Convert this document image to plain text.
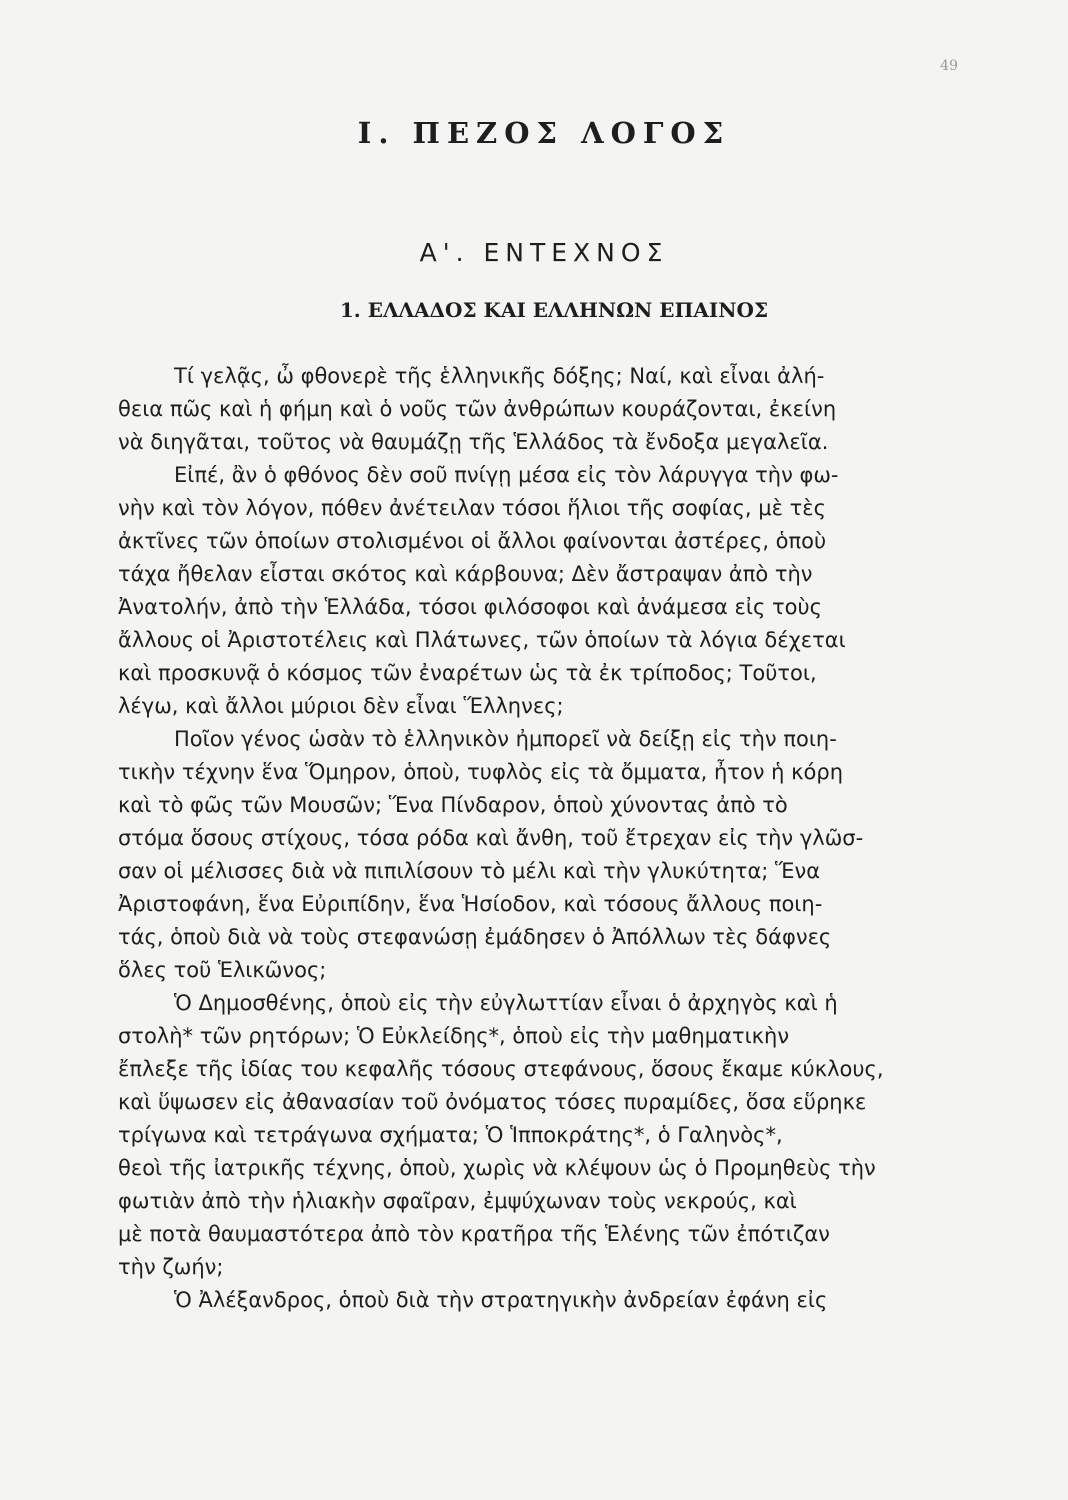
49
I. ΠΕΖΟΣ ΛΟΓΟΣ
Α'. ΕΝΤΕΧΝΟΣ
1. ΕΛΛΑΔΟΣ ΚΑΙ ΕΛΛΗΝΩΝ ΕΠΑΙΝΟΣ
Τί γελᾷς, ὦ φθονερὲ τῆς ἑλληνικῆς δόξης; Ναί, καὶ εἶναι ἀλή-
θεια πῶς καὶ ἡ φήμη καὶ ὁ νοῦς τῶν ἀνθρώπων κουράζονται, ἐκείνη
νὰ διηγᾶται, τοῦτος νὰ θαυμάζῃ τῆς Ἑλλάδος τὰ ἔνδοξα μεγαλεῖα.
Εἰπέ, ἂν ὁ φθόνος δὲν σοῦ πνίγῃ μέσα εἰς τὸν λάρυγγα τὴν φω-
νὴν καὶ τὸν λόγον, πόθεν ἀνέτειλαν τόσοι ἥλιοι τῆς σοφίας, μὲ τὲς
ἀκτῖνες τῶν ὁποίων στολισμένοι οἱ ἄλλοι φαίνονται ἀστέρες, ὁποὺ
τάχα ἤθελαν εἶσται σκότος καὶ κάρβουνα; Δὲν ἄστραψαν ἀπὸ τὴν
Ἀνατολήν, ἀπὸ τὴν Ἑλλάδα, τόσοι φιλόσοφοι καὶ ἀνάμεσα εἰς τοὺς
ἄλλους οἱ Ἀριστοτέλεις καὶ Πλάτωνες, τῶν ὁποίων τὰ λόγια δέχεται
καὶ προσκυνᾷ ὁ κόσμος τῶν ἐναρέτων ὡς τὰ ἐκ τρίποδος; Τοῦτοι,
λέγω, καὶ ἄλλοι μύριοι δὲν εἶναι Ἕλληνες;
Ποῖον γένος ὡσὰν τὸ ἑλληνικὸν ἠμπορεῖ νὰ δείξῃ εἰς τὴν ποιη-
τικὴν τέχνην ἕνα Ὅμηρον, ὁποὺ, τυφλὸς εἰς τὰ ὄμματα, ἦτον ἡ κόρη
καὶ τὸ φῶς τῶν Μουσῶν; Ἕνα Πίνδαρον, ὁποὺ χύνοντας ἀπὸ τὸ
στόμα ὅσους στίχους, τόσα ρόδα καὶ ἄνθη, τοῦ ἔτρεχαν εἰς τὴν γλῶσ-
σαν οἱ μέλισσες διὰ νὰ πιπιλίσουν τὸ μέλι καὶ τὴν γλυκύτητα; Ἕνα
Ἀριστοφάνη, ἕνα Εὐριπίδην, ἕνα Ἡσίοδον, καὶ τόσους ἄλλους ποιη-
τάς, ὁποὺ διὰ νὰ τοὺς στεφανώσῃ ἐμάδησεν ὁ Ἀπόλλων τὲς δάφνες
ὅλες τοῦ Ἑλικῶνος;
Ὁ Δημοσθένης, ὁποὺ εἰς τὴν εὐγλωττίαν εἶναι ὁ ἀρχηγὸς καὶ ἡ
στολὴ* τῶν ρητόρων; Ὁ Εὐκλείδης*, ὁποὺ εἰς τὴν μαθηματικὴν
ἔπλεξε τῆς ἰδίας του κεφαλῆς τόσους στεφάνους, ὅσους ἔκαμε κύκλους,
καὶ ὕψωσεν εἰς ἀθανασίαν τοῦ ὀνόματος τόσες πυραμίδες, ὅσα εὕρηκε
τρίγωνα καὶ τετράγωνα σχήματα; Ὁ Ἱπποκράτης*, ὁ Γαληνὸς*,
θεοὶ τῆς ἰατρικῆς τέχνης, ὁποὺ, χωρὶς νὰ κλέψουν ὡς ὁ Προμηθεὺς τὴν
φωτιὰν ἀπὸ τὴν ἡλιακὴν σφαῖραν, ἐμψύχωναν τοὺς νεκρούς, καὶ
μὲ ποτὰ θαυμαστότερα ἀπὸ τὸν κρατῆρα τῆς Ἑλένης τῶν ἐπότιζαν
τὴν ζωήν;
Ὁ Ἀλέξανδρος, ὁποὺ διὰ τὴν στρατηγικὴν ἀνδρείαν ἐφάνη εἰς
